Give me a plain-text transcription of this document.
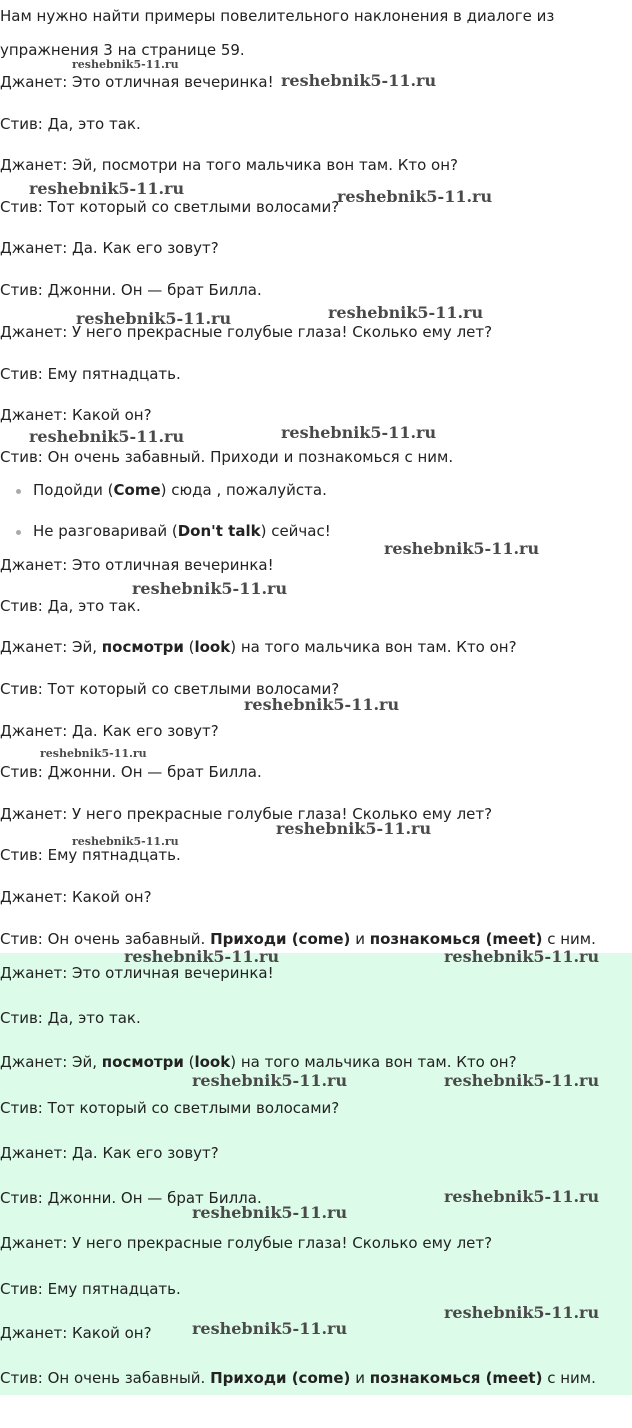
Нам нужно найти примеры повелительного наклонения в диалоге из
упражнения 3 на странице 59.
Джанет: Это отличная вечеринка!
Стив: Да, это так.
Джанет: Эй, посмотри на того мальчика вон там. Кто он?
Стив: Тот который со светлыми волосами?
Джанет: Да. Как его зовут?
Стив: Джонни. Он — брат Билла.
Джанет: У него прекрасные голубые глаза! Сколько ему лет?
Стив: Ему пятнадцать.
Джанет: Какой он?
Стив: Он очень забавный. Приходи и познакомься с ним.
Подойди (Come) сюда , пожалуйста.
Не разговаривай (Don't talk) сейчас!
Джанет: Это отличная вечеринка!
Стив: Да, это так.
Джанет: Эй, посмотри (look) на того мальчика вон там. Кто он?
Стив: Тот который со светлыми волосами?
Джанет: Да. Как его зовут?
Стив: Джонни. Он — брат Билла.
Джанет: У него прекрасные голубые глаза! Сколько ему лет?
Стив: Ему пятнадцать.
Джанет: Какой он?
Стив: Он очень забавный. Приходи (come) и познакомься (meet) с ним.
Джанет: Это отличная вечеринка!
Стив: Да, это так.
Джанет: Эй, посмотри (look) на того мальчика вон там. Кто он?
Стив: Тот который со светлыми волосами?
Джанет: Да. Как его зовут?
Стив: Джонни. Он — брат Билла.
Джанет: У него прекрасные голубые глаза! Сколько ему лет?
Стив: Ему пятнадцать.
Джанет: Какой он?
Стив: Он очень забавный. Приходи (come) и познакомься (meet) с ним.
reshebnik5-11.ru
reshebnik5-11.ru
reshebnik5-11.ru	reshebnik5-11.ru
reshebnik5-11.ru	reshebnik5-11.ru
reshebnik5-11.ru	reshebnik5-11.ru
reshebnik5-11.ru
reshebnik5-11.ru
reshebnik5-11.ru
reshebnik5-11.ru
reshebnik5-11.ru
reshebnik5-11.ru
reshebnik5-11.ru	reshebnik5-11.ru
reshebnik5-11.ru	reshebnik5-11.ru
reshebnik5-11.ru
reshebnik5-11.ru
reshebnik5-11.ru
reshebnik5-11.ru
